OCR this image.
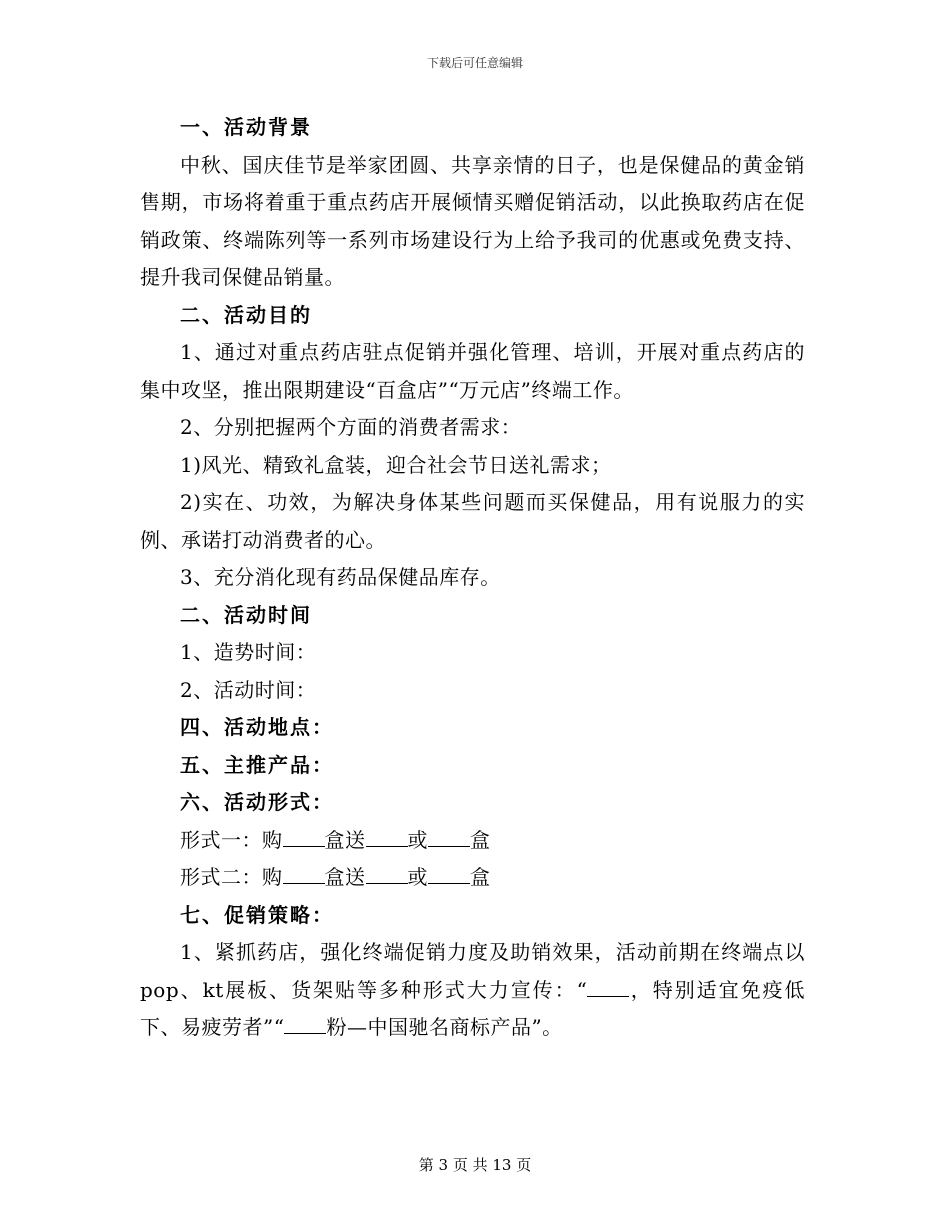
下载后可任意编辑

一、活动背景

中秋、国庆佳节是举家团圆、共享亲情的日子，也是保健品的黄金销售期，市场将着重于重点药店开展倾情买赠促销活动，以此换取药店在促销政策、终端陈列等一系列市场建设行为上给予我司的优惠或免费支持、提升我司保健品销量。

二、活动目的

1、通过对重点药店驻点促销并强化管理、培训，开展对重点药店的集中攻坚，推出限期建设“百盒店”“万元店”终端工作。

2、分别把握两个方面的消费者需求：

1)风光、精致礼盒装，迎合社会节日送礼需求；

2)实在、功效，为解决身体某些问题而买保健品，用有说服力的实例、承诺打动消费者的心。

3、充分消化现有药品保健品库存。

二、活动时间

1、造势时间：

2、活动时间：

四、活动地点：

五、主推产品：

六、活动形式：

形式一：购 盒送 或 盒

形式二：购 盒送 或 盒

七、促销策略：

1、紧抓药店，强化终端促销力度及助销效果，活动前期在终端点以pop、kt展板、货架贴等多种形式大力宣传：“ ，特别适宜免疫低下、易疲劳者”“ 粉—中国驰名商标产品”。

第 3 页 共 13 页
